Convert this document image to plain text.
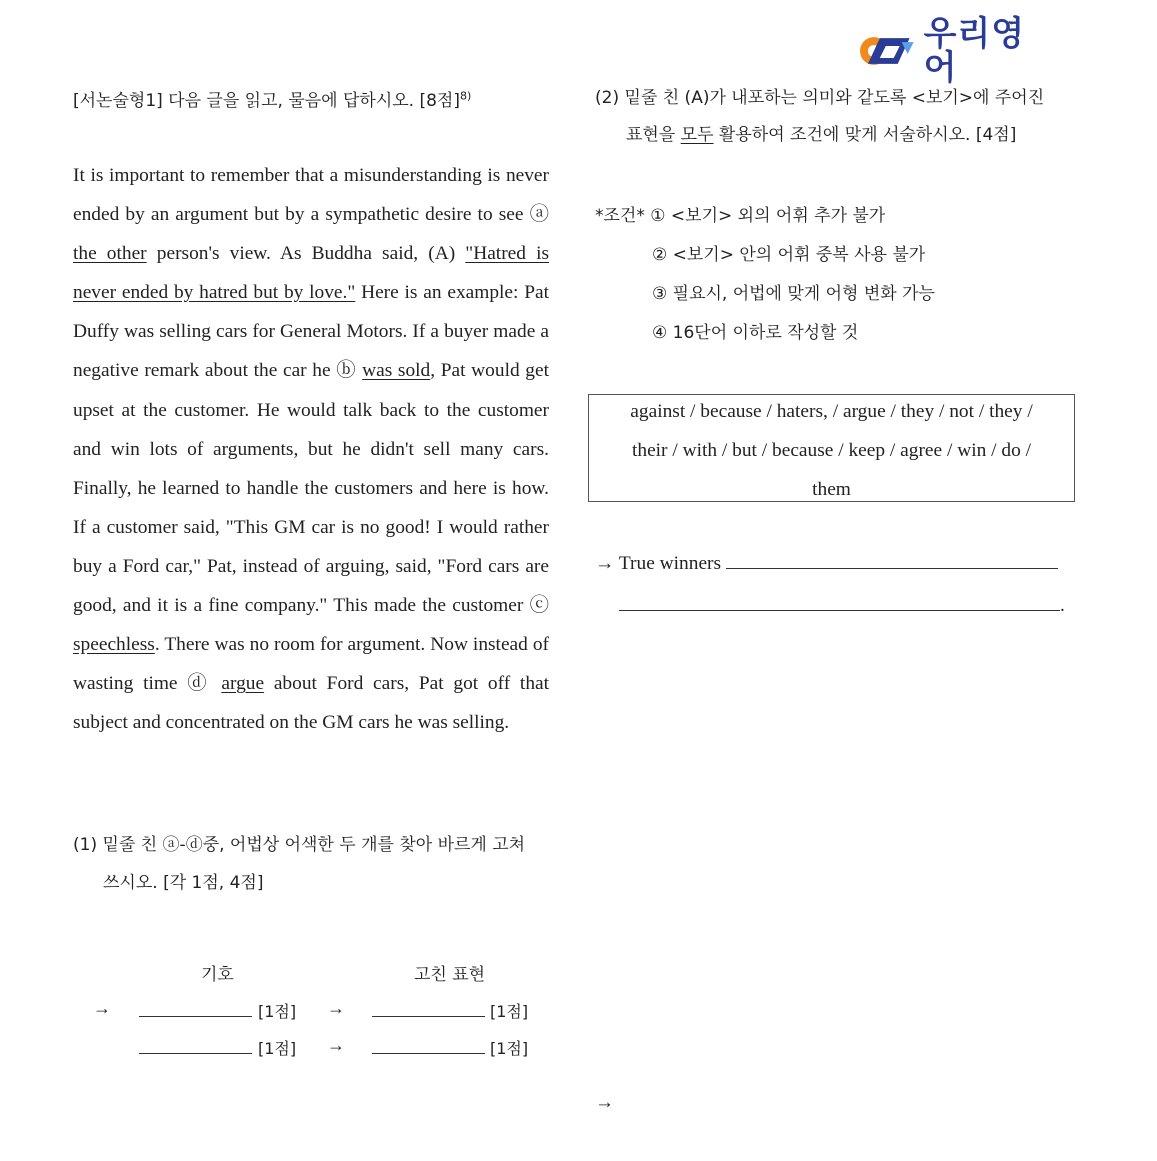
우리영어
[서논술형1] 다음 글을 읽고, 물음에 답하시오. [8점]$^{8)}$
It is important to remember that a misunderstanding is never ended by an argument but by a sympathetic desire to see ⓐ the other person's view. As Buddha said, (A) "Hatred is never ended by hatred but by love." Here is an example: Pat Duffy was selling cars for General Motors. If a buyer made a negative remark about the car he ⓑ was sold, Pat would get upset at the customer. He would talk back to the customer and win lots of arguments, but he didn't sell many cars. Finally, he learned to handle the customers and here is how. If a customer said, "This GM car is no good! I would rather buy a Ford car," Pat, instead of arguing, said, "Ford cars are good, and it is a fine company." This made the customer ⓒ speechless. There was no room for argument. Now instead of wasting time ⓓ argue about Ford cars, Pat got off that subject and concentrated on the GM cars he was selling.
(1) 밑줄 친 ⓐ-ⓓ중, 어법상 어색한 두 개를 찾아 바르게 고쳐
쓰시오. [각 1점, 4점]
기호	고친 표현
→	[1점] →	[1점]
[1점] →	[1점]
(2) 밑줄 친 (A)가 내포하는 의미와 같도록 <보기>에 주어진
표현을 모두 활용하여 조건에 맞게 서술하시오. [4점]
*조건* ① <보기> 외의 어휘 추가 불가
② <보기> 안의 어휘 중복 사용 불가
③ 필요시, 어법에 맞게 어형 변화 가능
④ 16단어 이하로 작성할 것
against / because / haters, / argue / they / not / they /
their / with / but / because / keep / agree / win / do /
them
→ True winners
.
→
